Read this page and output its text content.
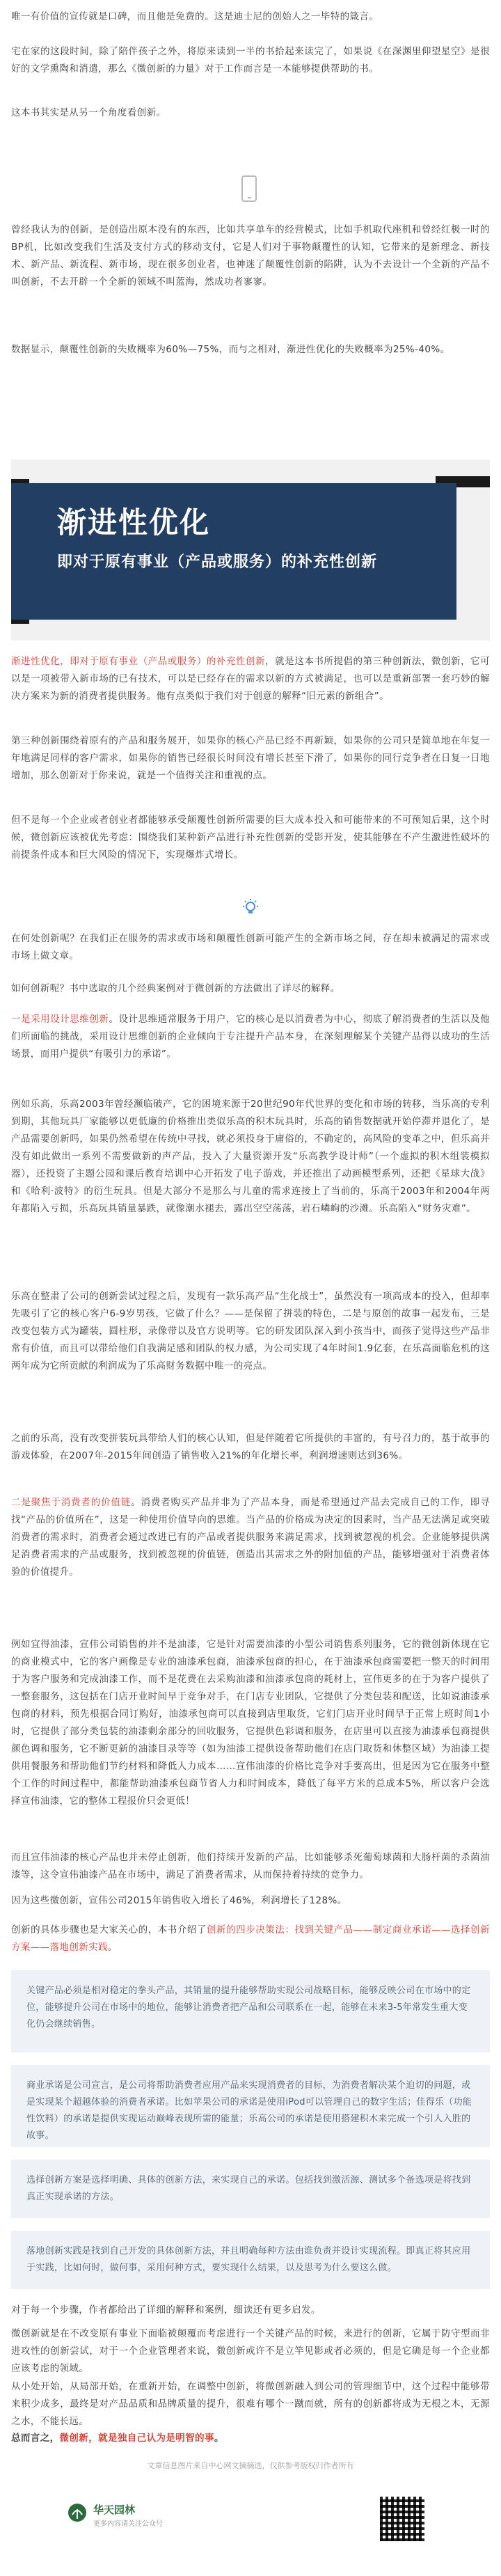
唯一有价值的宣传就是口碑，而且他是免费的。这是迪士尼的创始人之一毕特的箴言。

宅在家的这段时间，除了陪伴孩子之外，将原来读到一半的书拾起来读完了，如果说《在深渊里仰望星空》是很好的文学熏陶和消遣，那么《微创新的力量》对于工作而言是一本能够提供帮助的书。

这本书其实是从另一个角度看创新。

曾经我认为的创新，是创造出原本没有的东西，比如共享单车的经营模式，比如手机取代座机和曾经红极一时的BP机，比如改变我们生活及支付方式的移动支付，它是人们对于事物颠覆性的认知，它带来的是新理念、新技术、新产品、新流程、新市场，现在很多创业者，也神迷了颠覆性创新的陷阱，认为不去设计一个全新的产品不叫创新，不去开辟一个全新的领域不叫蓝海，然成功者寥寥。

数据显示，颠覆性创新的失败概率为60%—75%，而与之相对，渐进性优化的失败概率为25%-40%。

渐进性优化
即对于原有事业（产品或服务）的补充性创新

渐进性优化，即对于原有事业（产品或服务）的补充性创新，就是这本书所提倡的第三种创新法，微创新，它可以是一项被带入新市场的已有技术，可以是已经存在的需求以新的方式被满足，也可以是重新部署一套巧妙的解决方案来为新的消费者提供服务。他有点类似于我们对于创意的解释“旧元素的新组合”。

第三种创新围绕着原有的产品和服务展开，如果你的核心产品已经不再新颖，如果你的公司只是简单地在年复一年地满足同样的客户需求，如果你的销售已经很长时间没有增长甚至下滑了，如果你的同行竞争者在日复一日地增加，那么创新对于你来说，就是一个值得关注和重视的点。

但不是每一个企业或者创业者都能够承受颠覆性创新所需要的巨大成本投入和可能带来的不可预知后果，这个时候，微创新应该被优先考虑：围绕我们某种新产品进行补充性创新的受影开发，使其能够在不产生激进性破坏的前提条件成本和巨大风险的情况下，实现爆炸式增长。

在何处创新呢？在我们正在服务的需求或市场和颠覆性创新可能产生的全新市场之间，存在却未被满足的需求或市场上做文章。

如何创新呢？书中选取的几个经典案例对于微创新的方法做出了详尽的解释。

一是采用设计思维创新。设计思维通常服务于用户，它的核心是以消费者为中心，彻底了解消费者的生活以及他们所面临的挑战，采用设计思维创新的企业倾向于专注提升产品本身，在深刻理解某个关键产品得以成功的生活场景，而用户提供“有吸引力的承诺”。

例如乐高，乐高2003年曾经濒临破产，它的困境来源于20世纪90年代世界的变化和市场的转移，当乐高的专利到期，其他玩具厂家能够以更低廉的价格推出类似乐高的积木玩具时，乐高的销售数据就开始停滞并退化了，是产品需要创新吗，如果仍然希望在传统中寻找，就必须投身于庸俗的，不确定的，高风险的变革之中，但乐高并没有如此做出一系列不需要做新的声产品，投入了大量资源开发“乐高教学设计师”（一个虚拟的积木组装模拟器），还投资了主题公园和课后教育培训中心开拓发了电子游戏，并还推出了动画模型系列，还把《星球大战》和《哈利·波特》的衍生玩具。但是大部分不是那么与儿童的需求连接上了当前的，乐高于2003年和2004年两年都陷入亏损，乐高玩具销量暴跌，就像潮水褪去，露出空空荡荡，岩石嶙峋的沙滩。乐高陷入“财务灾难”。

乐高在整肃了公司的创新尝试过程之后，发现有一款乐高产品“生化战士”，虽然没有一项高成本的投入，但却率先吸引了它的核心客户6-9岁男孩，它做了什么？——是保留了拼装的特色，二是与原创的故事一起发布，三是改变包装方式为罐装，圆柱形，录像带以及官方说明等。它的研发团队深入到小孩当中，而孩子觉得这些产品非常有价值，而且可以带给他们自我满足感和团队的权力感，为公司实现了4年时间1.9亿套，在乐高面临危机的这两年成为它所贡献的利润成为了乐高财务数据中唯一的亮点。

之前的乐高，没有改变拼装玩具带给人们的核心认知，但是伴随着它所提供的丰富的，有号召力的，基于故事的游戏体验，在2007年-2015年间创造了销售收入21%的年化增长率，利润增速则达到36%。

二是聚焦于消费者的价值链。消费者购买产品并非为了产品本身，而是希望通过产品去完成自己的工作，即寻找“产品的价值所在”，这是一种使用价值导向的思维。当产品的价格成为决定的因素时，当产品无法满足或突破消费者的需求时，消费者会通过改进已有的产品或者提供服务来满足需求，找到被忽视的机会。企业能够提供满足消费者需求的产品或服务，找到被忽视的价值链，创造出其需求之外的附加值的产品，能够增强对于消费者体验的价值提升。

例如宜得油漆，宣伟公司销售的并不是油漆，它是针对需要油漆的小型公司销售系列服务，它的微创新体现在它的商业模式中，它的客户画像是专业的油漆承包商，油漆承包商的担心，在于油漆承包商需要把一整天的时间用于为客户服务和完成油漆工作，而不是花费在去采购油漆和油漆承包商的耗材上，宣伟更多的在于为客户提供了一整套服务，这包括在门店开业时间早于竞争对手，在门店专业团队，它提供了分类包装和配送，比如说油漆承包商的材料，预先根据合同订购好，油漆承包商可以直接到店里取货，它们门店开业时间早于正常上班时间1小时，它提供了部分类包装的油漆剩余部分的回收服务，它提供色彩调和服务，在店里可以直接为油漆承包商提供颜色调和服务，它不断更新的油漆目录等等（如为油漆工提供设备帮助他们在店门取货和休整区域）为油漆工提供用餐服务和帮助他们节约材料和降低人力成本……宣伟油漆的价格比竞争对手要高出，但是因为它在服务中整个工作的时间过程中，都能帮助油漆承包商节省人力和时间成本，降低了每平方米的总成本5%，所以客户会选择宣伟油漆，它的整体工程报价只会更低！

而且宣伟油漆的核心产品也并未停止创新，他们持续开发新的产品，比如能够杀死葡萄球菌和大肠杆菌的杀菌油漆等，这令宣伟油漆产品在市场中，满足了消费者需求，从而保持着持续的竞争力。

因为这些微创新，宣伟公司2015年销售收入增长了46%，利润增长了128%。

创新的具体步骤也是大家关心的，本书介绍了创新的四步决策法：找到关键产品——制定商业承诺——选择创新方案——落地创新实践。

关键产品必须是相对稳定的拳头产品，其销量的提升能够帮助实现公司战略目标，能够反映公司在市场中的定位，能够提升公司在市场中的地位，能够让消费者把产品和公司联系在一起，能够在未来3-5年常发生重大变化仍会继续销售。
商业承诺是公司宣言，是公司将帮助消费者应用产品来实现消费者的目标，为消费者解决某个迫切的问题，或是实现某个超越体验的消费者承诺。比如苹果公司的承诺是使用iPod可以管理自己的数字生活；佳得乐（功能性饮料）的承诺是提供实现运动巅峰表现所需的能量；乐高公司的承诺是使用搭建积木来完成一个引人入胜的故事。
选择创新方案是选择明确、具体的创新方法，来实现自己的承诺。包括找到激活源、测试多个备选项是将找到真正实现承诺的方法。
落地创新实践是找到自己开发的具体创新方法，并且明确每种方法由谁负责并设计实现流程。即真正将其应用于实践，比如何时，做何事，采用何种方式，要实现什么结果，以及思考为什么要这么做。

对于每一个步骤，作者都给出了详细的解释和案例，细读还有更多启发。

微创新就是在不改变原有事业下面临被颠覆而考虑进行一个关键产品的时候，来进行的创新，它属于防守型而非进攻性的创新尝试，对于一个企业管理者来说，微创新或许不是立竿见影或者必须的，但是它确是每一个企业都应该考虑的领域。

从小处开始，从局部开始，在重新开始，在调整中创新，将微创新融入到公司的管理细节中，这个过程中能够带来积少成多，最终是对产品品质和品牌质量的提升，很难有哪个一蹴而就，所有的创新都将成为无根之木，无源之水，不能长远。

总而言之，微创新，就是独自己认为是明智的事。

文章信息图片来自中心网文摘摘选，仅供参考版权归作者所有
华天园林
更多内容请关注公众号
